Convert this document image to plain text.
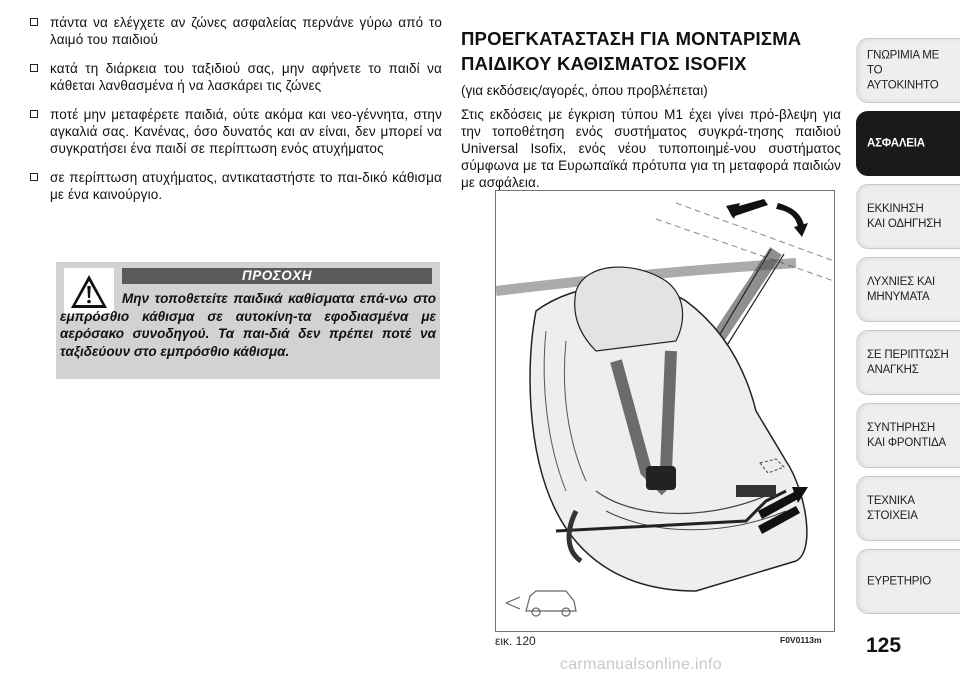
πάντα να ελέγχετε αν ζώνες ασφαλείας περνάνε γύρω από το λαιμό του παιδιού
κατά τη διάρκεια του ταξιδιού σας, μην αφήνετε το παιδί να κάθεται λανθασμένα ή να λασκάρει τις ζώνες
ποτέ μην μεταφέρετε παιδιά, ούτε ακόμα και νεο-γέννητα, στην αγκαλιά σας. Κανένας, όσο δυνατός και αν είναι, δεν μπορεί να συγκρατήσει ένα παιδί σε περίπτωση ενός ατυχήματος
σε περίπτωση ατυχήματος, αντικαταστήστε το παι-δικό κάθισμα με ένα καινούργιο.
ΠΡΟΣΟΧΗ
Μην τοποθετείτε παιδικά καθίσματα επά-νω στο εμπρόσθιο κάθισμα σε αυτοκίνη-τα εφοδιασμένα με αερόσακο συνοδηγού. Τα παι-διά δεν πρέπει ποτέ να ταξιδεύουν στο εμπρόσθιο κάθισμα.
ΠΡΟΕΓΚΑΤΑΣΤΑΣΗ ΓΙΑ ΜΟΝΤΑΡΙΣΜΑ ΠΑΙΔΙΚΟΥ ΚΑΘΙΣΜΑΤΟΣ ISOFIX
(για εκδόσεις/αγορές, όπου προβλέπεται)
Στις εκδόσεις με έγκριση τύπου M1 έχει γίνει πρό-βλεψη για την τοποθέτηση ενός συστήματος συγκρά-τησης παιδιού Universal Isofix, ενός νέου τυποποιημέ-νου συστήματος σύμφωνα με τα Ευρωπαϊκά πρότυπα για τη μεταφορά παιδιών με ασφάλεια.
εικ. 120	F0V0113m 125
ΓΝΩΡΙΜΙΑ ΜΕ
ΤΟ ΑΥΤΟΚΙΝΗΤΟ
ΑΣΦΑΛΕΙΑ
ΕΚΚΙΝΗΣΗ
ΚΑΙ ΟΔΗΓΗΣΗ
ΛΥΧΝΙΕΣ ΚΑΙ
ΜΗΝΥΜΑΤΑ
ΣΕ ΠΕΡΙΠΤΩΣΗ
ΑΝΑΓΚΗΣ
ΣΥΝΤΗΡΗΣΗ
ΚΑΙ ΦΡΟΝΤΙΔΑ
ΤΕΧΝΙΚΑ
ΣΤΟΙΧΕΙΑ
ΕΥΡΕΤΗΡΙΟ
carmanualsonline.info
